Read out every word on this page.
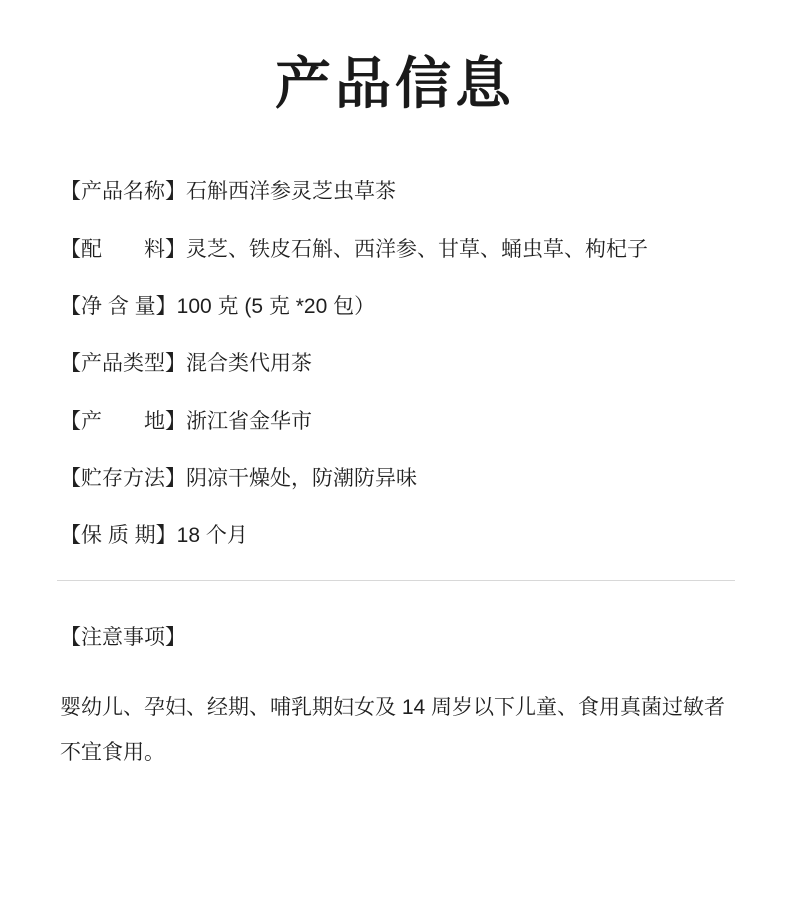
产品信息
【产品名称】石斛西洋参灵芝虫草茶
【配　　料】灵芝、铁皮石斛、西洋参、甘草、蛹虫草、枸杞子
【净 含 量】100 克 (5 克 *20 包）
【产品类型】混合类代用茶
【产　　地】浙江省金华市
【贮存方法】阴凉干燥处，防潮防异味
【保 质 期】18 个月
【注意事项】
婴幼儿、孕妇、经期、哺乳期妇女及 14 周岁以下儿童、食用真菌过敏者不宜食用。
